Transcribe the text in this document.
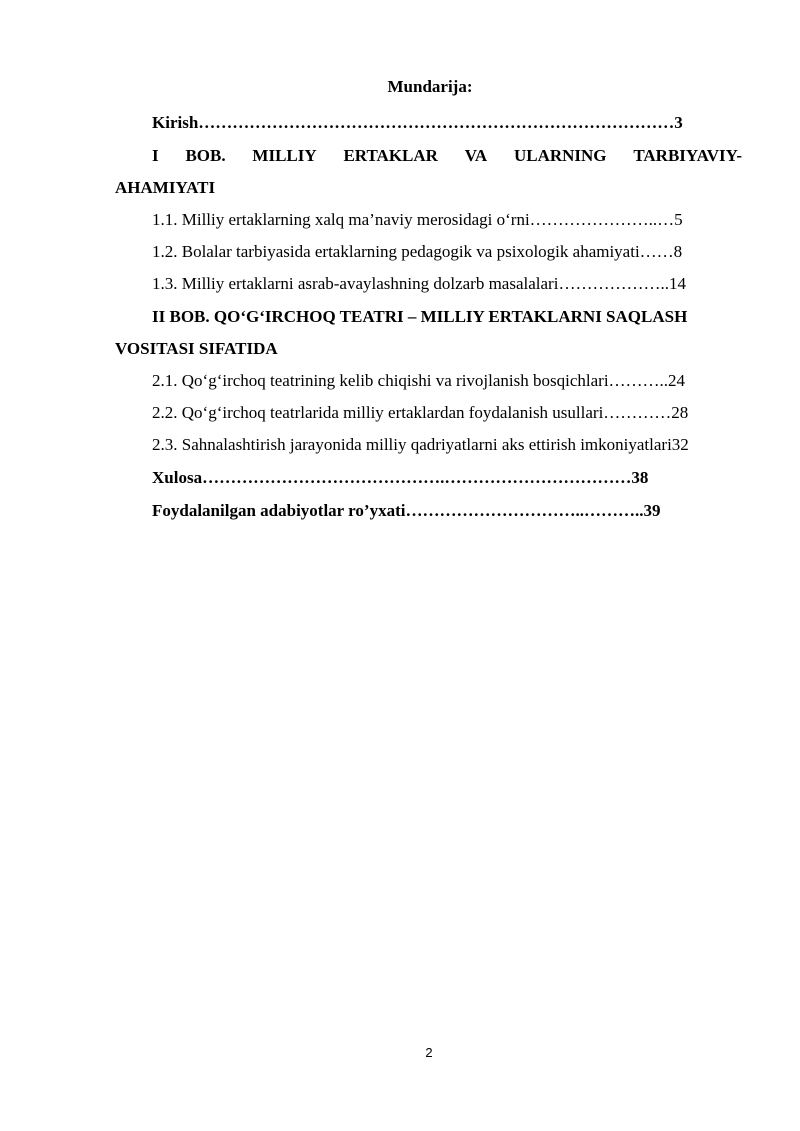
Mundarija:
Kirish…………………………………………………………………………3
I BOB. MILLIY ERTAKLAR VA ULARNING TARBIYAVIY-
AHAMIYATI
1.1. Milliy ertaklarning xalq ma’naviy merosidagi o‘rni…………………..…5
1.2. Bolalar tarbiyasida ertaklarning pedagogik va psixologik ahamiyati……8
1.3. Milliy ertaklarni asrab-avaylashning dolzarb masalalari………………..14
II BOB. QO‘G‘IRCHOQ TEATRI – MILLIY ERTAKLARNI SAQLASH
VOSITASI SIFATIDA
2.1. Qo‘g‘irchoq teatrining kelib chiqishi va rivojlanish bosqichlari………..24
2.2. Qo‘g‘irchoq teatrlarida milliy ertaklardan foydalanish usullari…………28
2.3. Sahnalashtirish jarayonida milliy qadriyatlarni aks ettirish imkoniyatlari32
Xulosa…………………………………….……………………………38
Foydalanilgan adabiyotlar ro’yxati…………………………..………..39
2
